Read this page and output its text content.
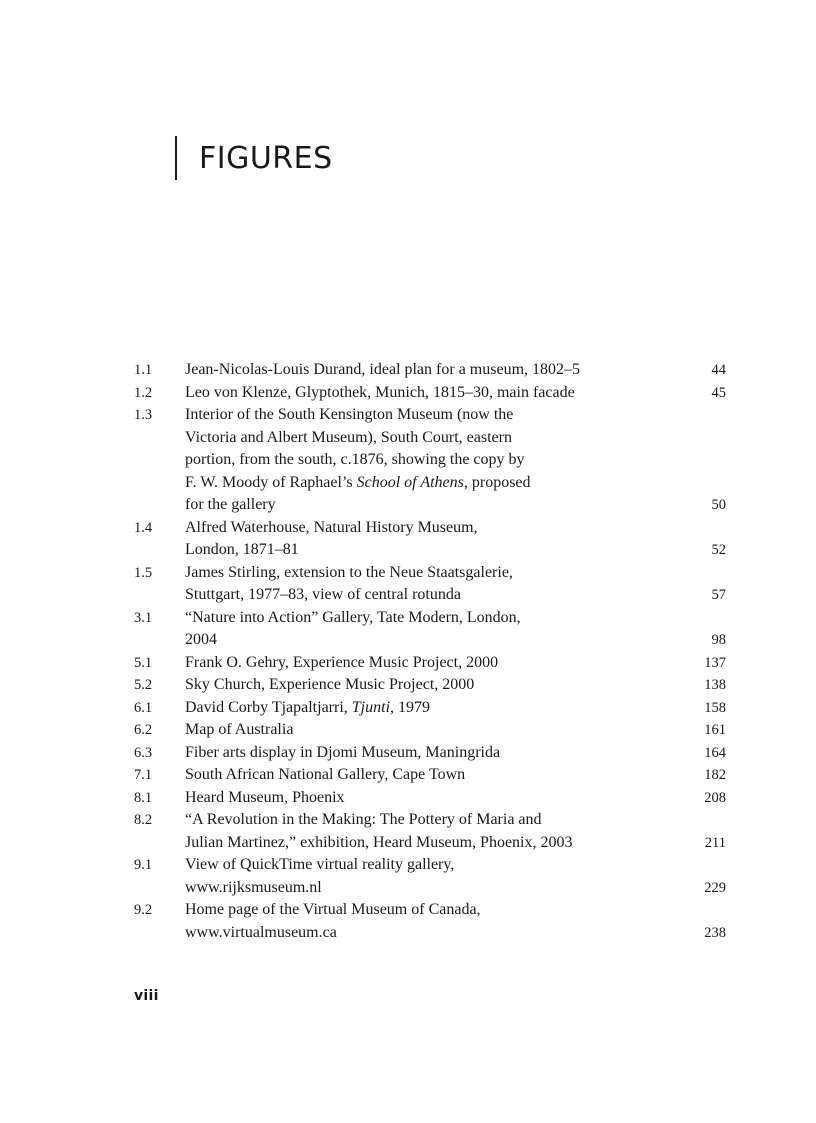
FIGURES
1.1	Jean-Nicolas-Louis Durand, ideal plan for a museum, 1802–5	44
1.2	Leo von Klenze, Glyptothek, Munich, 1815–30, main facade	45
1.3	Interior of the South Kensington Museum (now the
Victoria and Albert Museum), South Court, eastern
portion, from the south, c.1876, showing the copy by
F. W. Moody of Raphael’s School of Athens, proposed
for the gallery	50
1.4	Alfred Waterhouse, Natural History Museum,
London, 1871–81	52
1.5	James Stirling, extension to the Neue Staatsgalerie,
Stuttgart, 1977–83, view of central rotunda	57
3.1	“Nature into Action” Gallery, Tate Modern, London,
2004	98
5.1	Frank O. Gehry, Experience Music Project, 2000	137
5.2	Sky Church, Experience Music Project, 2000	138
6.1	David Corby Tjapaltjarri, Tjunti, 1979	158
6.2	Map of Australia	161
6.3	Fiber arts display in Djomi Museum, Maningrida	164
7.1	South African National Gallery, Cape Town	182
8.1	Heard Museum, Phoenix	208
8.2	“A Revolution in the Making: The Pottery of Maria and
Julian Martinez,” exhibition, Heard Museum, Phoenix, 2003	211
9.1	View of QuickTime virtual reality gallery,
www.rijksmuseum.nl	229
9.2	Home page of the Virtual Museum of Canada,
www.virtualmuseum.ca	238
viii
